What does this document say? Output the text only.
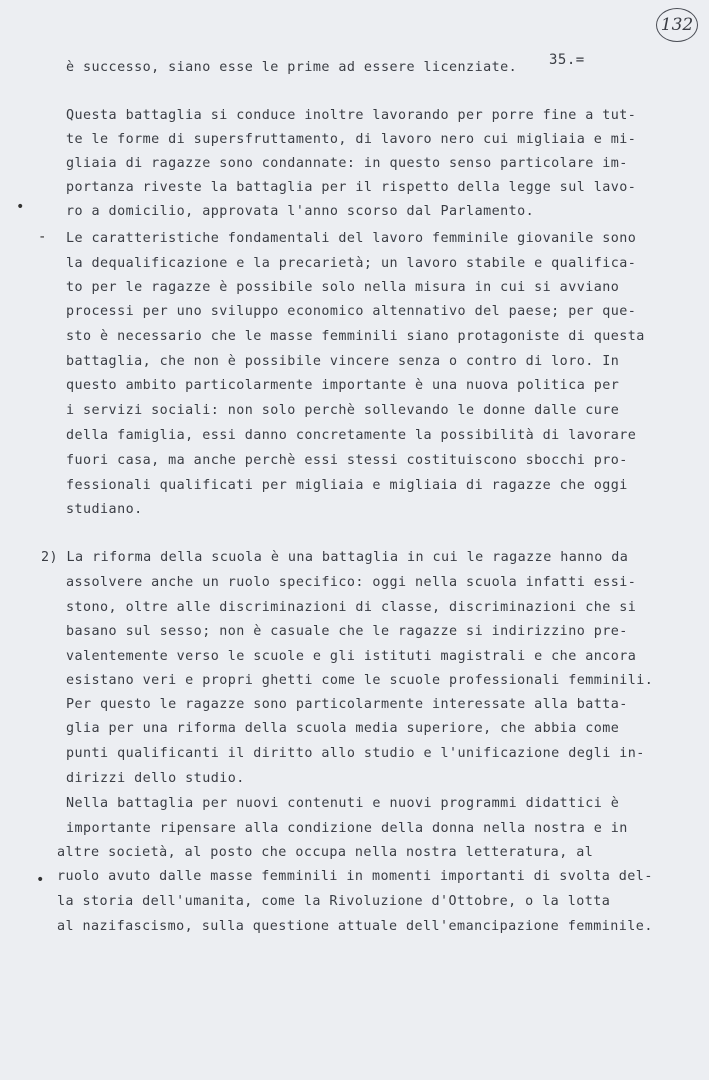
132
35.=
•
-
•
è successo, siano esse le prime ad essere licenziate.
Questa battaglia si conduce inoltre lavorando per porre fine a tut-
te le forme di supersfruttamento, di lavoro nero cui migliaia e mi-
gliaia di ragazze sono condannate: in questo senso particolare im-
portanza riveste la battaglia per il rispetto della legge sul lavo-
ro a domicilio, approvata l'anno scorso dal Parlamento.
Le caratteristiche fondamentali del lavoro femminile giovanile sono
la dequalificazione e la precarietà; un lavoro stabile e qualifica-
to per le ragazze è possibile solo nella misura in cui si avviano
processi per uno sviluppo economico altennativo del paese; per que-
sto è necessario che le masse femminili siano protagoniste di questa
battaglia, che non è possibile vincere senza o contro di loro. In
questo ambito particolarmente importante è una nuova politica per
i servizi sociali: non solo perchè sollevando le donne dalle cure
della famiglia, essi danno concretamente la possibilità di lavorare
fuori casa, ma anche perchè essi stessi costituiscono sbocchi pro-
fessionali qualificati per migliaia e migliaia di ragazze che oggi
studiano.
2) La riforma della scuola è una battaglia in cui le ragazze hanno da
assolvere anche un ruolo specifico: oggi nella scuola infatti essi-
stono, oltre alle discriminazioni di classe, discriminazioni che si
basano sul sesso; non è casuale che le ragazze si indirizzino pre-
valentemente verso le scuole e gli istituti magistrali e che ancora
esistano veri e propri ghetti come le scuole professionali femminili.
Per questo le ragazze sono particolarmente interessate alla batta-
glia per una riforma della scuola media superiore, che abbia come
punti qualificanti il diritto allo studio e l'unificazione degli in-
dirizzi dello studio.
Nella battaglia per nuovi contenuti e nuovi programmi didattici è
importante ripensare alla condizione della donna nella nostra e in
altre società, al posto che occupa nella nostra letteratura, al
ruolo avuto dalle masse femminili in momenti importanti di svolta del-
la storia dell'umanita, come la Rivoluzione d'Ottobre, o la lotta
al nazifascismo, sulla questione attuale dell'emancipazione femminile.
